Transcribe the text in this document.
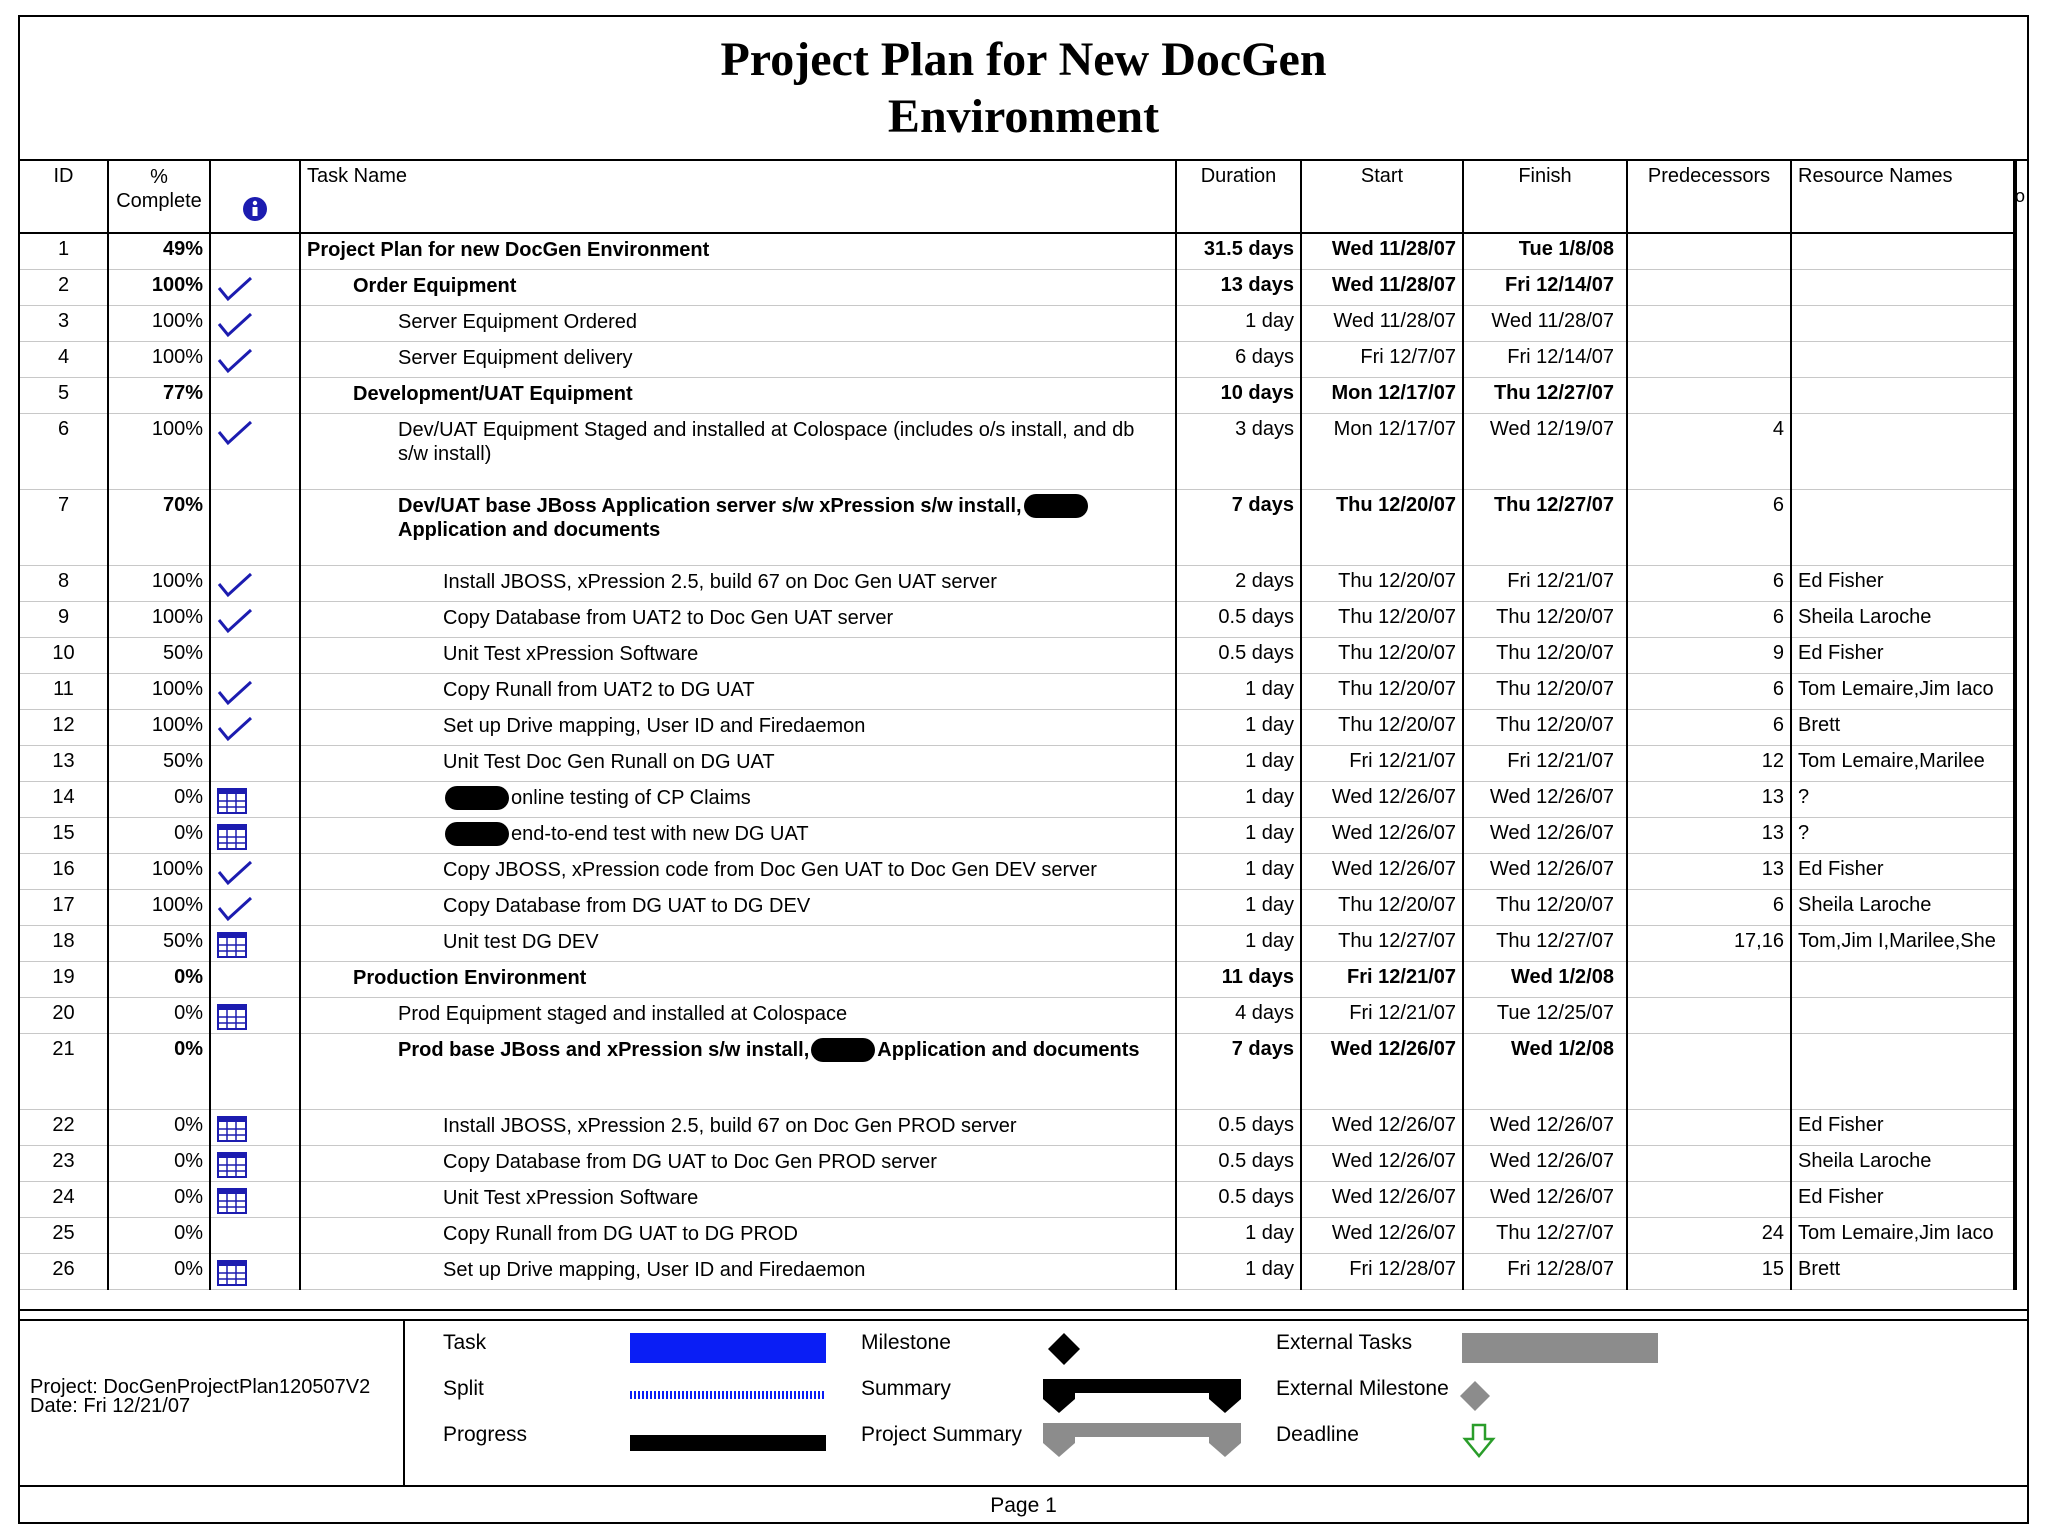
Project Plan for New DocGen
Environment
ID	%
Complete		Task Name	Duration	Start	Finish	Predecessors	Resource Names	o
1	49%		Project Plan for new DocGen Environment	31.5 days	Wed 11/28/07	Tue 1/8/08			
2	100%		Order Equipment	13 days	Wed 11/28/07	Fri 12/14/07			
3	100%		Server Equipment Ordered	1 day	Wed 11/28/07	Wed 11/28/07			
4	100%		Server Equipment delivery	6 days	Fri 12/7/07	Fri 12/14/07			
5	77%		Development/UAT Equipment	10 days	Mon 12/17/07	Thu 12/27/07			
6	100%		Dev/UAT Equipment Staged and installed at Colospace (includes o/s install, and db s/w install)	3 days	Mon 12/17/07	Wed 12/19/07	4		
7	70%		Dev/UAT base JBoss Application server s/w xPression s/w install,Application and documents	7 days	Thu 12/20/07	Thu 12/27/07	6		
8	100%		Install JBOSS, xPression 2.5, build 67 on Doc Gen UAT server	2 days	Thu 12/20/07	Fri 12/21/07	6	Ed Fisher	
9	100%		Copy Database from UAT2 to Doc Gen UAT server	0.5 days	Thu 12/20/07	Thu 12/20/07	6	Sheila Laroche	
10	50%		Unit Test xPression Software	0.5 days	Thu 12/20/07	Thu 12/20/07	9	Ed Fisher	
11	100%		Copy Runall from UAT2 to DG UAT	1 day	Thu 12/20/07	Thu 12/20/07	6	Tom Lemaire,Jim Iaco	
12	100%		Set up Drive mapping, User ID and Firedaemon	1 day	Thu 12/20/07	Thu 12/20/07	6	Brett	
13	50%		Unit Test Doc Gen Runall on DG UAT	1 day	Fri 12/21/07	Fri 12/21/07	12	Tom Lemaire,Marilee	
14	0%		online testing of CP Claims	1 day	Wed 12/26/07	Wed 12/26/07	13	?	
15	0%		end-to-end test with new DG UAT	1 day	Wed 12/26/07	Wed 12/26/07	13	?	
16	100%		Copy JBOSS, xPression code from Doc Gen UAT to Doc Gen DEV server	1 day	Wed 12/26/07	Wed 12/26/07	13	Ed Fisher	
17	100%		Copy Database from DG UAT to DG DEV	1 day	Thu 12/20/07	Thu 12/20/07	6	Sheila Laroche	
18	50%		Unit test DG DEV	1 day	Thu 12/27/07	Thu 12/27/07	17,16	Tom,Jim I,Marilee,She	
19	0%		Production Environment	11 days	Fri 12/21/07	Wed 1/2/08			
20	0%		Prod Equipment staged and installed at Colospace	4 days	Fri 12/21/07	Tue 12/25/07			
21	0%		Prod base JBoss and xPression s/w install, Application and documents	7 days	Wed 12/26/07	Wed 1/2/08			
22	0%		Install JBOSS, xPression 2.5, build 67 on Doc Gen PROD server	0.5 days	Wed 12/26/07	Wed 12/26/07		Ed Fisher	
23	0%		Copy Database from DG UAT to Doc Gen PROD server	0.5 days	Wed 12/26/07	Wed 12/26/07		Sheila Laroche	
24	0%		Unit Test xPression Software	0.5 days	Wed 12/26/07	Wed 12/26/07		Ed Fisher	
25	0%		Copy Runall from DG UAT to DG PROD	1 day	Wed 12/26/07	Thu 12/27/07	24	Tom Lemaire,Jim Iaco	
26	0%		Set up Drive mapping, User ID and Firedaemon	1 day	Fri 12/28/07	Fri 12/28/07	15	Brett	
Project: DocGenProjectPlan120507V2
Date: Fri 12/21/07
Task
Split
Progress
Milestone
Summary
Project Summary
External Tasks
External Milestone
Deadline
Page 1
